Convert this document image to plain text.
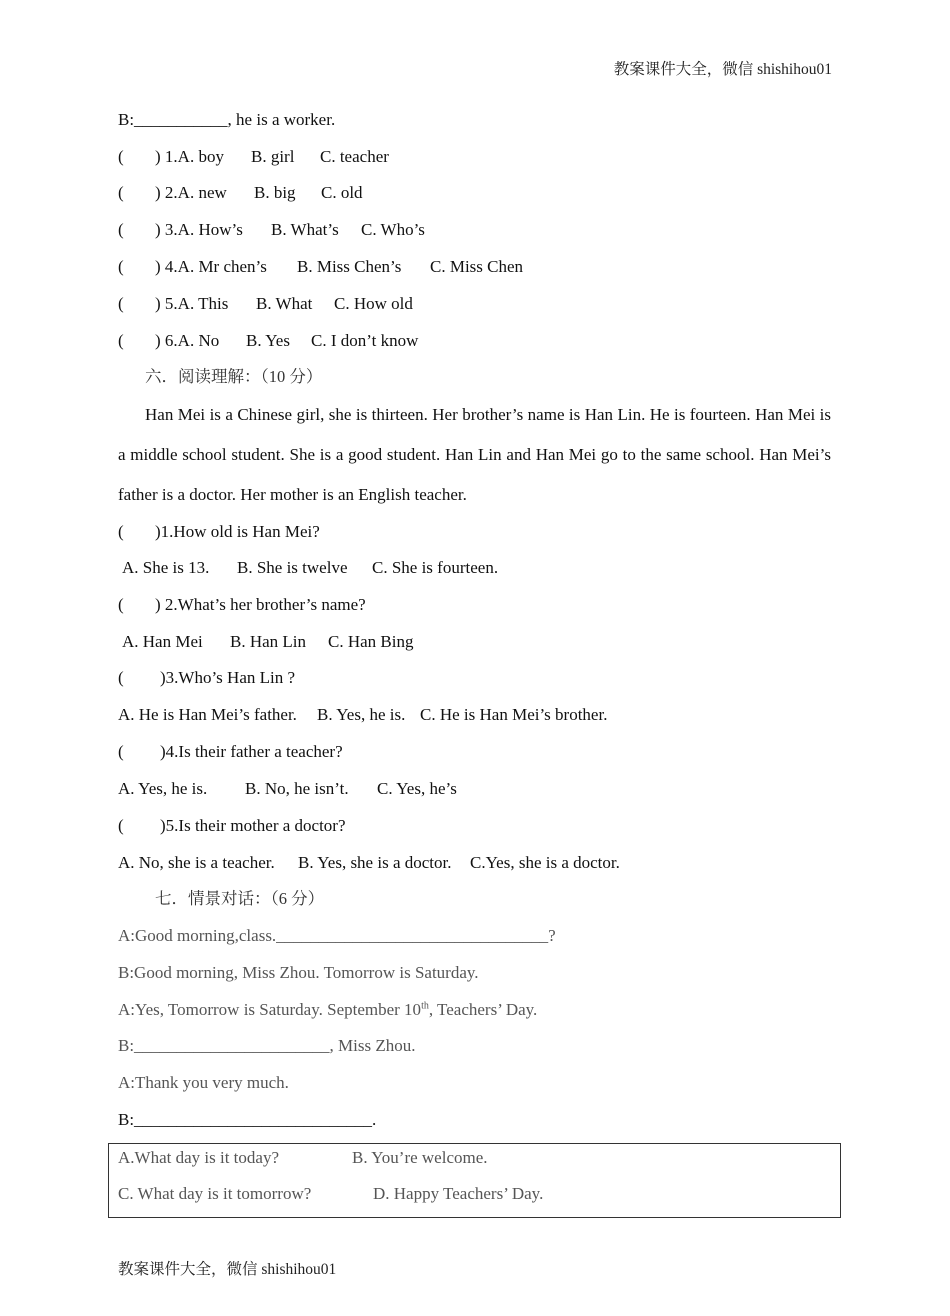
教案课件大全，微信 shishihou01
B:___________, he is a worker.
( ) 1.A. boy B. girl C. teacher
( ) 2.A. new B. big C. old
( ) 3.A. How’s B. What’s C. Who’s
( ) 4.A. Mr chen’s B. Miss Chen’s C. Miss Chen
( ) 5.A. This B. What C. How old
( ) 6.A. No B. Yes C. I don’t know
六．阅读理解：（10 分）
Han Mei is a Chinese girl, she is thirteen. Her brother’s name is Han Lin. He is fourteen. Han Mei is a middle school student. She is a good student. Han Lin and Han Mei go to the same school. Han Mei’s father is a doctor. Her mother is an English teacher.
( )1.How old is Han Mei?
A. She is 13. B. She is twelve C. She is fourteen.
( ) 2.What’s her brother’s name?
A. Han Mei B. Han Lin C. Han Bing
( )3.Who’s Han Lin ?
A. He is Han Mei’s father. B. Yes, he is. C. He is Han Mei’s brother.
( )4.Is their father a teacher?
A. Yes, he is. B. No, he isn’t. C. Yes, he’s
( )5.Is their mother a doctor?
A. No, she is a teacher. B. Yes, she is a doctor. C.Yes, she is a doctor.
七．情景对话：（6 分）
A:Good morning,class.________________________________?
B:Good morning, Miss Zhou. Tomorrow is Saturday.
A:Yes, Tomorrow is Saturday. September 10th, Teachers’ Day.
B:_______________________, Miss Zhou.
A:Thank you very much.
B:____________________________.
A.What day is it today?	B. You’re welcome.
C. What day is it tomorrow?	D. Happy Teachers’ Day.
教案课件大全，微信 shishihou01
